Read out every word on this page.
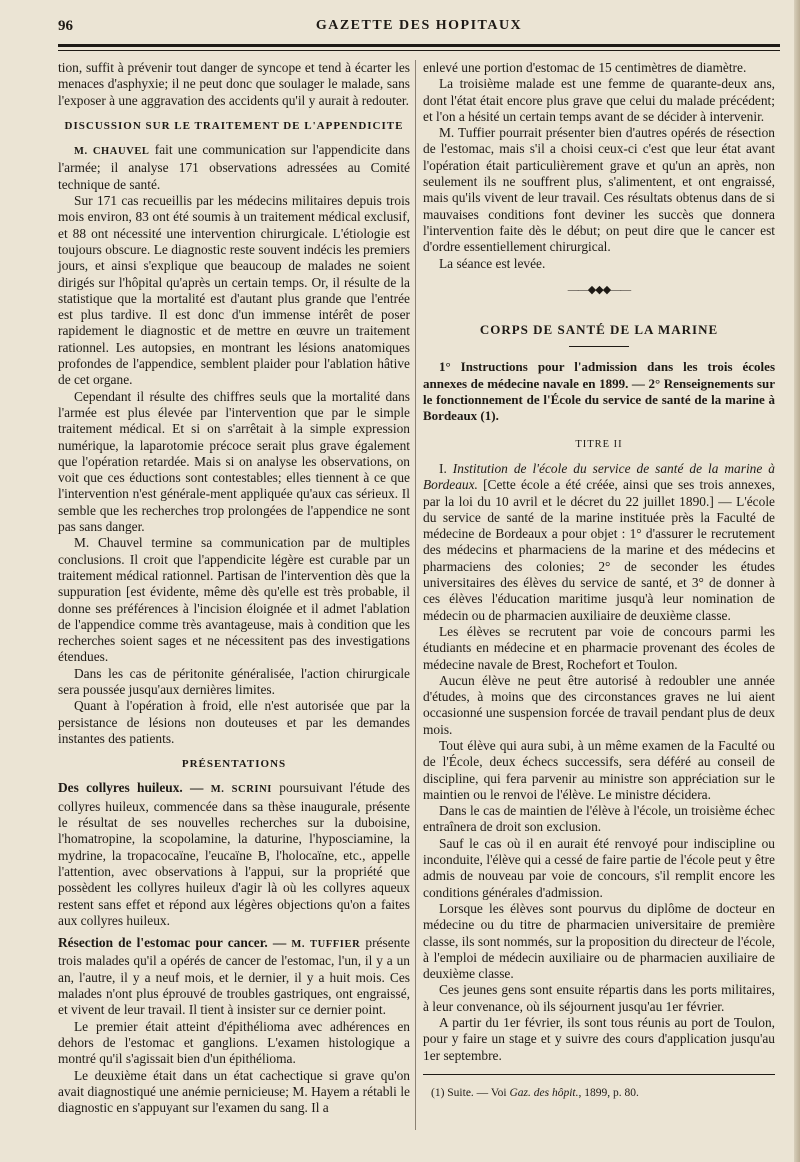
96	GAZETTE DES HOPITAUX

tion, suffit à prévenir tout danger de syncope et tend à écarter les menaces d'asphyxie; il ne peut donc que soulager le malade, sans l'exposer à une aggravation des accidents qu'il y aurait à redouter.

DISCUSSION SUR LE TRAITEMENT DE L'APPENDICITE

M. CHAUVEL fait une communication sur l'appendicite dans l'armée; il analyse 171 observations adressées au Comité technique de santé.

Sur 171 cas recueillis par les médecins militaires depuis trois mois environ, 83 ont été soumis à un traitement médical exclusif, et 88 ont nécessité une intervention chirurgicale. L'étiologie est toujours obscure. Le diagnostic reste souvent indécis les premiers jours, et ainsi s'explique que beaucoup de malades ne soient dirigés sur l'hôpital qu'après un certain temps. Or, il résulte de la statistique que la mortalité est d'autant plus grande que l'entrée est plus tardive. Il est donc d'un immense intérêt de poser rapidement le diagnostic et de mettre en œuvre un traitement rationnel. Les autopsies, en montrant les lésions anatomiques profondes de l'appendice, semblent plaider pour l'ablation hâtive de cet organe.

Cependant il résulte des chiffres seuls que la mortalité dans l'armée est plus élevée par l'intervention que par le simple traitement médical. Et si on s'arrêtait à la simple expression numérique, la laparotomie précoce serait plus grave également que l'opération retardée. Mais si on analyse les observations, on voit que ces éductions sont contestables; elles tiennent à ce que l'intervention n'est générale-ment appliquée qu'aux cas sérieux. Il semble que les recherches trop prolongées de l'appendice ne sont pas sans danger.

M. Chauvel termine sa communication par de multiples conclusions. Il croit que l'appendicite légère est curable par un traitement médical rationnel. Partisan de l'intervention dès que la suppuration [est évidente, même dès qu'elle est très probable, il donne ses préférences à l'incision éloignée et il admet l'ablation de l'appendice comme très avantageuse, mais à condition que les recherches soient sages et ne nécessitent pas des investigations étendues.

Dans les cas de péritonite généralisée, l'action chirurgicale sera poussée jusqu'aux dernières limites.

Quant à l'opération à froid, elle n'est autorisée que par la persistance de lésions non douteuses et par les demandes instantes des patients.

PRÉSENTATIONS

Des collyres huileux. — M. SCRINI poursuivant l'étude des collyres huileux, commencée dans sa thèse inaugurale, présente le résultat de ses nouvelles recherches sur la duboisine, l'homatropine, la scopolamine, la daturine, l'hyposciamine, la mydrine, la tropacocaïne, l'eucaïne B, l'holocaïne, etc., appelle l'attention, avec observations à l'appui, sur la propriété que possèdent les collyres huileux d'agir là où les collyres aqueux restent sans effet et répond aux légères objections qu'on a faites aux collyres huileux.

Résection de l'estomac pour cancer. — M. TUFFIER présente trois malades qu'il a opérés de cancer de l'estomac, l'un, il y a un an, l'autre, il y a neuf mois, et le dernier, il y a huit mois. Ces malades n'ont plus éprouvé de troubles gastriques, ont engraissé, et vivent de leur travail. Il tient à insister sur ce dernier point.

Le premier était atteint d'épithélioma avec adhérences en dehors de l'estomac et ganglions. L'examen histologique a montré qu'il s'agissait bien d'un épithélioma.

Le deuxième était dans un état cachectique si grave qu'on avait diagnostiqué une anémie pernicieuse; M. Hayem a rétabli le diagnostic en s'appuyant sur l'examen du sang. Il a

enlevé une portion d'estomac de 15 centimètres de diamètre.

La troisième malade est une femme de quarante-deux ans, dont l'état était encore plus grave que celui du malade précédent; et l'on a hésité un certain temps avant de se décider à intervenir.

M. Tuffier pourrait présenter bien d'autres opérés de résection de l'estomac, mais s'il a choisi ceux-ci c'est que leur état avant l'opération était particulièrement grave et qu'un an après, non seulement ils ne souffrent plus, s'alimentent, et ont engraissé, mais qu'ils vivent de leur travail. Ces résultats obtenus dans de si mauvaises conditions font deviner les succès que donnera l'intervention faite dès le début; on peut dire que le cancer est d'ordre essentiellement chirurgical.

La séance est levée.

——◆◆◆——
CORPS DE SANTÉ DE LA MARINE

1° Instructions pour l'admission dans les trois écoles annexes de médecine navale en 1899. — 2° Renseignements sur le fonctionnement de l'École du service de santé de la marine à Bordeaux (1).

TITRE II

I. Institution de l'école du service de santé de la marine à Bordeaux. [Cette école a été créée, ainsi que ses trois annexes, par la loi du 10 avril et le décret du 22 juillet 1890.] — L'école du service de santé de la marine instituée près la Faculté de médecine de Bordeaux a pour objet : 1° d'assurer le recrutement des médecins et pharmaciens de la marine et des médecins et pharmaciens des colonies; 2° de seconder les études universitaires des élèves du service de santé, et 3° de donner à ces élèves l'éducation maritime jusqu'à leur nomination de médecin ou de pharmacien auxiliaire de deuxième classe.

Les élèves se recrutent par voie de concours parmi les étudiants en médecine et en pharmacie provenant des écoles de médecine navale de Brest, Rochefort et Toulon.

Aucun élève ne peut être autorisé à redoubler une année d'études, à moins que des circonstances graves ne lui aient occasionné une suspension forcée de travail pendant plus de deux mois.

Tout élève qui aura subi, à un même examen de la Faculté ou de l'École, deux échecs successifs, sera déféré au conseil de discipline, qui fera parvenir au ministre son appréciation sur le maintien ou le renvoi de l'élève. Le ministre décidera.

Dans le cas de maintien de l'élève à l'école, un troisième échec entraînera de droit son exclusion.

Sauf le cas où il en aurait été renvoyé pour indiscipline ou inconduite, l'élève qui a cessé de faire partie de l'école peut y être admis de nouveau par voie de concours, s'il remplit encore les conditions générales d'admission.

Lorsque les élèves sont pourvus du diplôme de docteur en médecine ou du titre de pharmacien universitaire de première classe, ils sont nommés, sur la proposition du directeur de l'école, à l'emploi de médecin auxiliaire ou de pharmacien auxiliaire de deuxième classe.

Ces jeunes gens sont ensuite répartis dans les ports militaires, à leur convenance, où ils séjournent jusqu'au 1er février.

A partir du 1er février, ils sont tous réunis au port de Toulon, pour y faire un stage et y suivre des cours d'application jusqu'au 1er septembre.

(1) Suite. — Voi Gaz. des hôpit., 1899, p. 80.
